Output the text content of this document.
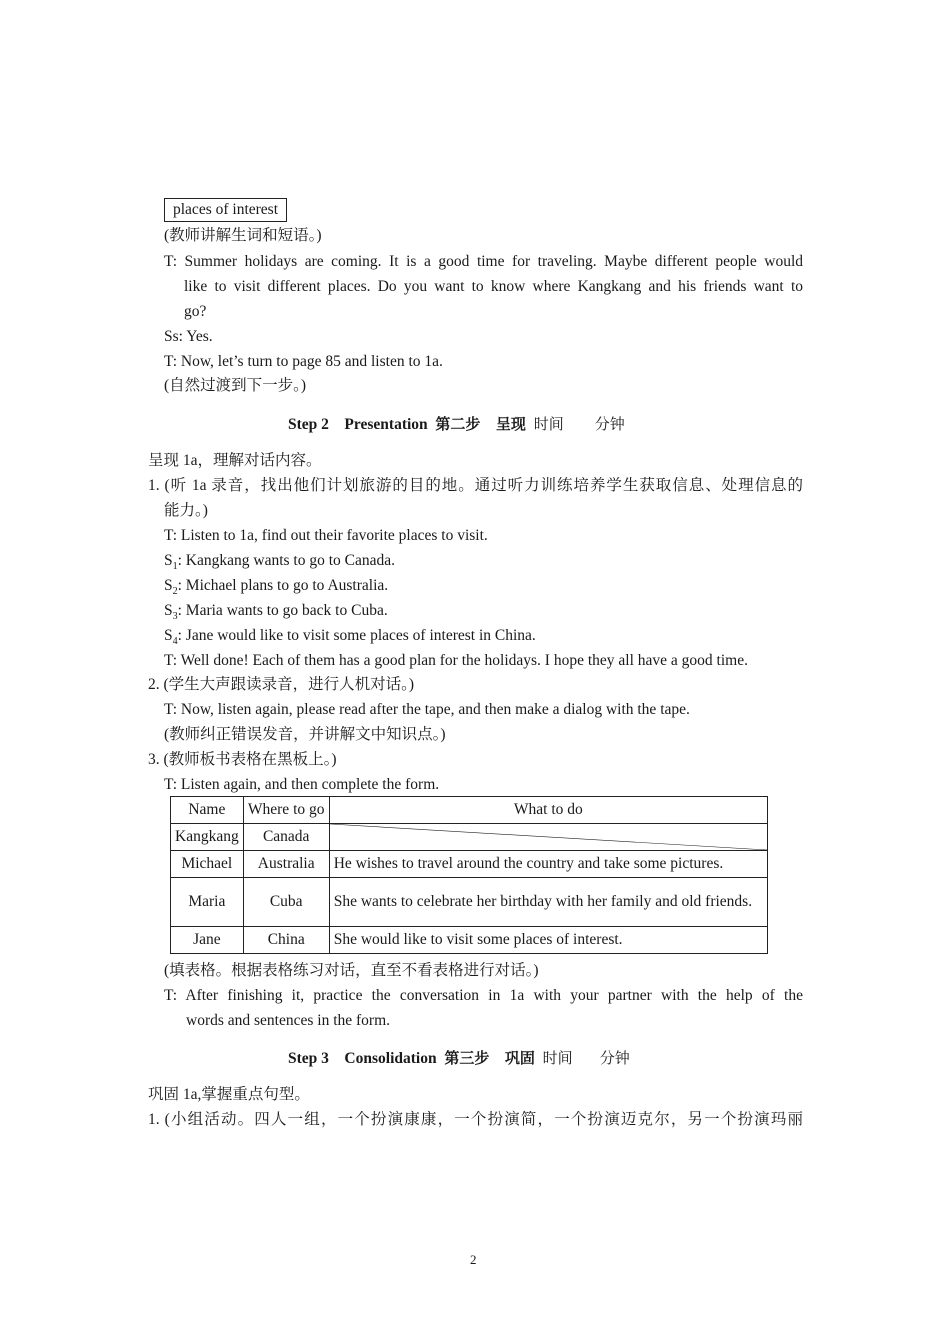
places of interest
(教师讲解生词和短语。)
T: Summer holidays are coming. It is a good time for traveling. Maybe different people would
like to visit different places. Do you want to know where Kangkang and his friends want to
go?
Ss: Yes.
T: Now, let’s turn to page 85 and listen to 1a.
(自然过渡到下一步。)
Step 2 Presentation 第二步 呈现 时间 分钟
呈现 1a，理解对话内容。
1. (听 1a 录音，找出他们计划旅游的目的地。通过听力训练培养学生获取信息、处理信息的
能力。)
T: Listen to 1a, find out their favorite places to visit.
$S_1$: Kangkang wants to go to Canada.
$S_2$: Michael plans to go to Australia.
$S_3$: Maria wants to go back to Cuba.
$S_4$: Jane would like to visit some places of interest in China.
T: Well done! Each of them has a good plan for the holidays. I hope they all have a good time.
2. (学生大声跟读录音，进行人机对话。)
T: Now, listen again, please read after the tape, and then make a dialog with the tape.
(教师纠正错误发音，并讲解文中知识点。)
3. (教师板书表格在黑板上。)
T: Listen again, and then complete the form.
Name	Where to go	What to do
Kangkang	Canada	

Michael	Australia	He wishes to travel around the country and take some pictures.
Maria	Cuba	She wants to celebrate her birthday with her family and old friends.
Jane	China	She would like to visit some places of interest.
(填表格。根据表格练习对话，直至不看表格进行对话。)
T: After finishing it, practice the conversation in 1a with your partner with the help of the
words and sentences in the form.
Step 3 Consolidation 第三步 巩固 时间 分钟
巩固 1a,掌握重点句型。
1. (小组活动。四人一组，一个扮演康康，一个扮演简，一个扮演迈克尔，另一个扮演玛丽
2
